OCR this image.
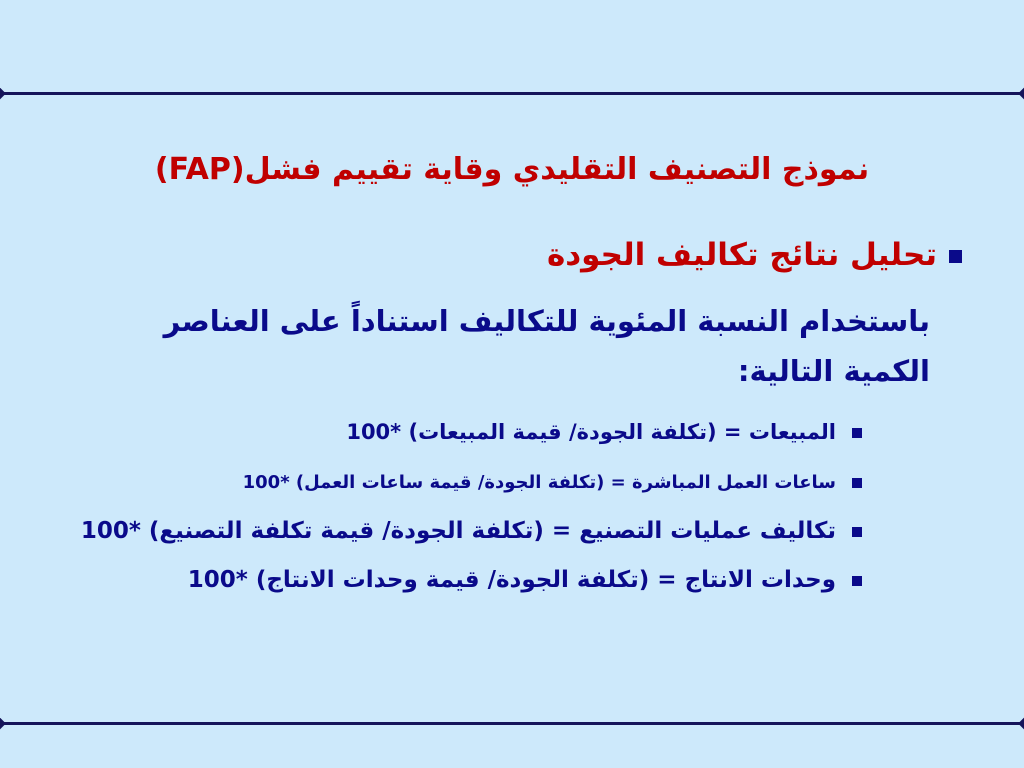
نموذج التصنيف التقليدي وقاية تقييم فشل(FAP)
تحليل نتائج تكاليف الجودة
باستخدام النسبة المئوية للتكاليف استناداً على العناصر الكمية التالية:
المبيعات = (تكلفة الجودة/ قيمة المبيعات) *100
ساعات العمل المباشرة = (تكلفة الجودة/ قيمة ساعات العمل) *100
تكاليف عمليات التصنيع = (تكلفة الجودة/ قيمة تكلفة التصنيع) *100
وحدات الانتاج = (تكلفة الجودة/ قيمة وحدات الانتاج) *100
